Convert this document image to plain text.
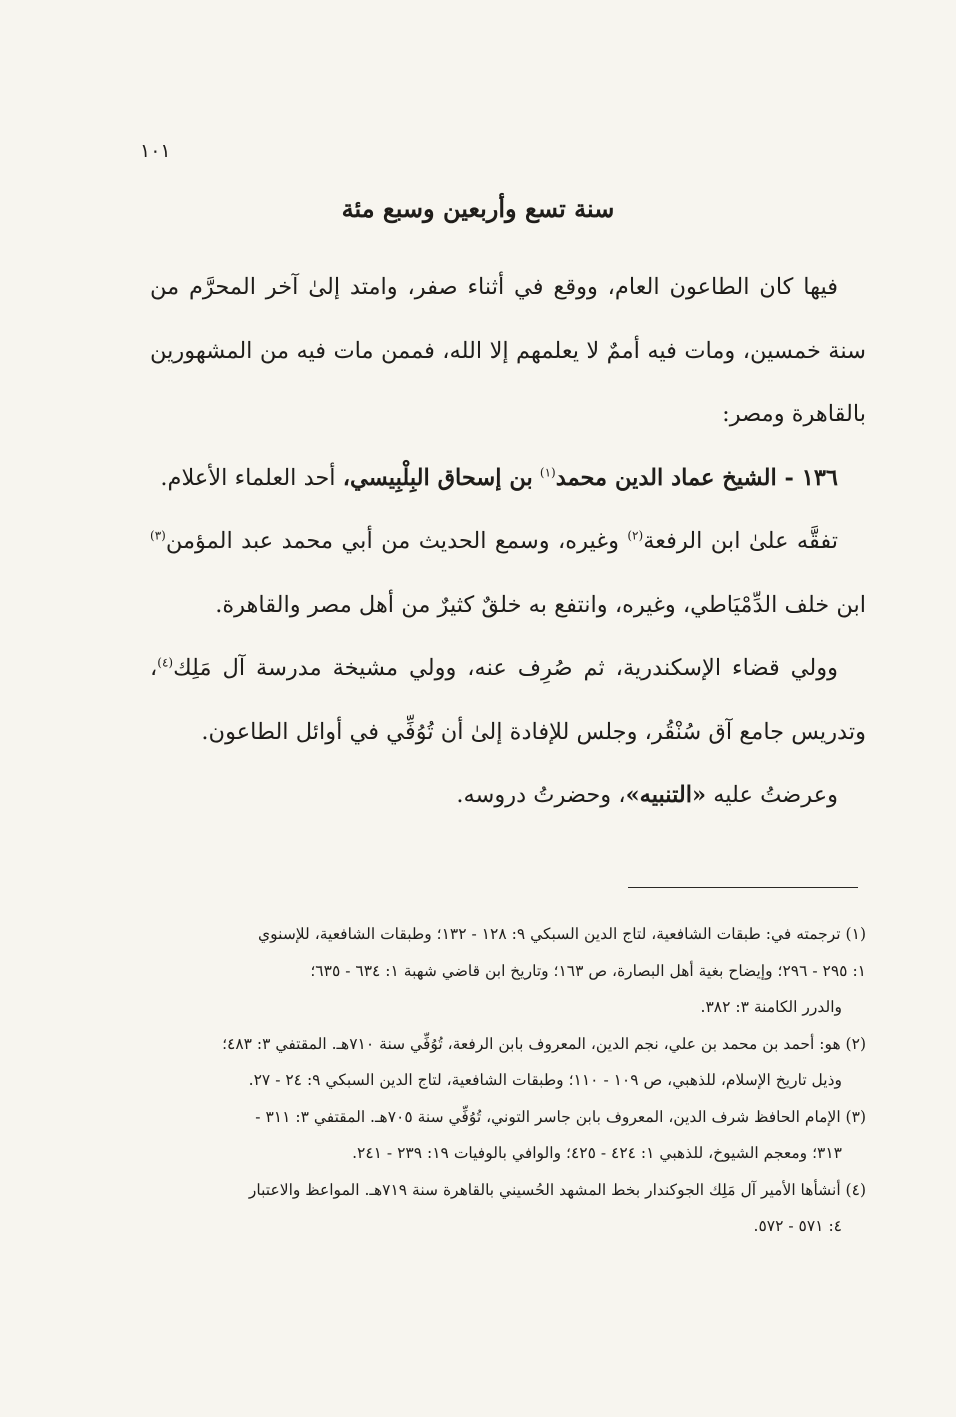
١٠١
سنة تسع وأربعين وسبع مئة

فيها كان الطاعون العام، ووقع في أثناء صفر، وامتد إلىٰ آخر المحرَّم من سنة خمسين، ومات فيه أممٌ لا يعلمهم إلا الله، فممن مات فيه من المشهورين بالقاهرة ومصر:

١٣٦ - الشيخ عماد الدين محمد$^{(١)}$ بن إسحاق البِلْبِيسي، أحد العلماء الأعلام.

تفقَّه علىٰ ابن الرفعة$^{(٢)}$ وغيره، وسمع الحديث من أبي محمد عبد المؤمن$^{(٣)}$ ابن خلف الدِّمْيَاطي، وغيره، وانتفع به خلقٌ كثيرٌ من أهل مصر والقاهرة.

وولي قضاء الإسكندرية، ثم صُرِف عنه، وولي مشيخة مدرسة آل مَلِك$^{(٤)}$، وتدريس جامع آق سُنْقُر، وجلس للإفادة إلىٰ أن تُوُفِّي في أوائل الطاعون.

وعرضتُ عليه «التنبيه»، وحضرتُ دروسه.

(١) ترجمته في: طبقات الشافعية، لتاج الدين السبكي ٩: ١٢٨ - ١٣٢؛ وطبقات الشافعية، للإسنوي

١: ٢٩٥ - ٢٩٦؛ وإيضاح بغية أهل البصارة، ص ١٦٣؛ وتاريخ ابن قاضي شهبة ١: ٦٣٤ - ٦٣٥؛

والدرر الكامنة ٣: ٣٨٢.

(٢) هو: أحمد بن محمد بن علي، نجم الدين، المعروف بابن الرفعة، تُوُفِّي سنة ٧١٠هـ. المقتفي ٣: ٤٨٣؛

وذيل تاريخ الإسلام، للذهبي، ص ١٠٩ - ١١٠؛ وطبقات الشافعية، لتاج الدين السبكي ٩: ٢٤ - ٢٧.

(٣) الإمام الحافظ شرف الدين، المعروف بابن جاسر التوني، تُوُفِّي سنة ٧٠٥هـ. المقتفي ٣: ٣١١ -

٣١٣؛ ومعجم الشيوخ، للذهبي ١: ٤٢٤ - ٤٢٥؛ والوافي بالوفيات ١٩: ٢٣٩ - ٢٤١.

(٤) أنشأها الأمير آل مَلِك الجوكندار بخط المشهد الحُسيني بالقاهرة سنة ٧١٩هـ. المواعظ والاعتبار

٤: ٥٧١ - ٥٧٢.
